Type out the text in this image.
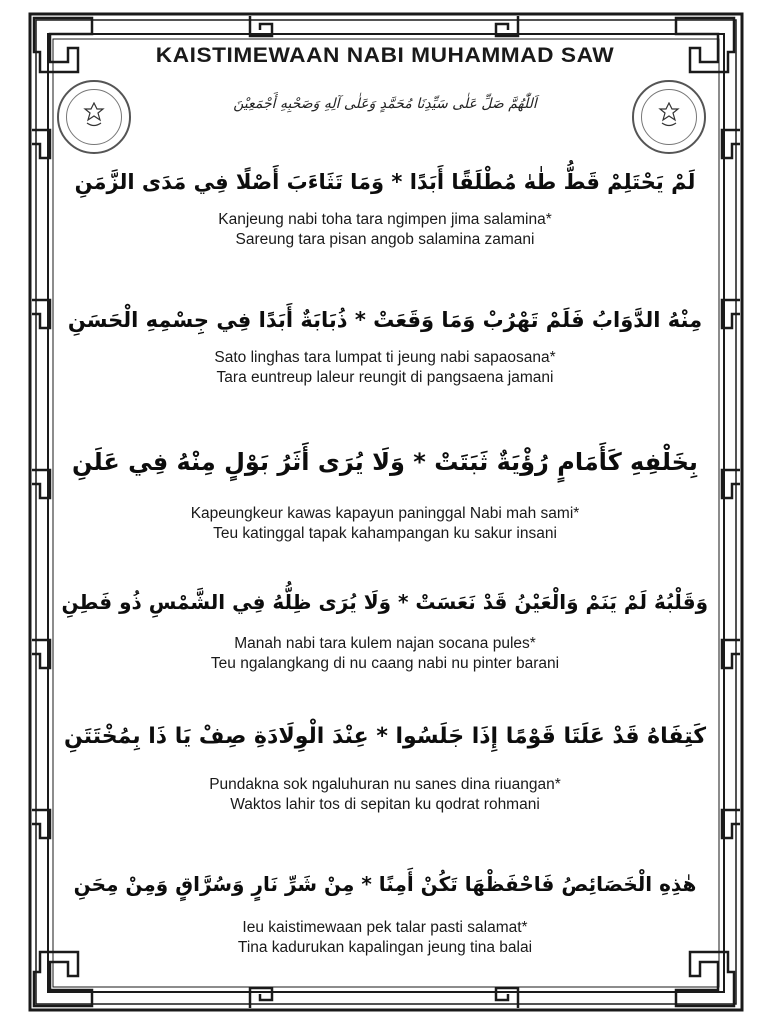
KAISTIMEWAAN NABI MUHAMMAD SAW
اَللّٰهُمَّ صَلِّ عَلٰى سَيِّدِنَا مُحَمَّدٍ وَعَلٰى آلِهِ وَصَحْبِهِ أَجْمَعِيْنَ
لَمْ يَحْتَلِمْ قَطُّ طٰهٰ مُطْلَقًا أَبَدًا * وَمَا تَثَاءَبَ أَصْلًا فِي مَدَى الزَّمَنِ
Kanjeung nabi toha tara ngimpen jima salamina*
Sareung tara pisan angob salamina zamani
مِنْهُ الدَّوَابُ فَلَمْ تَهْرُبْ وَمَا وَقَعَتْ * ذُبَابَةٌ أَبَدًا فِي جِسْمِهِ الْحَسَنِ
Sato linghas tara lumpat ti jeung nabi sapaosana*
Tara euntreup laleur reungit di pangsaena jamani
بِخَلْفِهِ كَأَمَامٍ رُؤْيَةٌ ثَبَتَتْ * وَلَا يُرَى أَثَرُ بَوْلٍ مِنْهُ فِي عَلَنِ
Kapeungkeur kawas kapayun paninggal Nabi mah sami*
Teu katinggal tapak kahampangan ku sakur insani
وَقَلْبُهُ لَمْ يَنَمْ وَالْعَيْنُ قَدْ نَعَسَتْ * وَلَا يُرَى ظِلُّهُ فِي الشَّمْسِ ذُو فَطِنِ
Manah nabi tara kulem najan socana pules*
Teu ngalangkang di nu caang nabi nu pinter barani
كَتِفَاهُ قَدْ عَلَتَا قَوْمًا إِذَا جَلَسُوا * عِنْدَ الْوِلَادَةِ صِفْ يَا ذَا بِمُخْتَتَنِ
Pundakna sok ngaluhuran nu sanes dina riuangan*
Waktos lahir tos di sepitan ku qodrat rohmani
هٰذِهِ الْخَصَائِصُ فَاحْفَظْهَا تَكُنْ أَمِنًا * مِنْ شَرِّ نَارٍ وَسُرَّاقٍ وَمِنْ مِحَنِ
Ieu kaistimewaan pek talar pasti salamat*
Tina kadurukan kapalingan jeung tina balai
